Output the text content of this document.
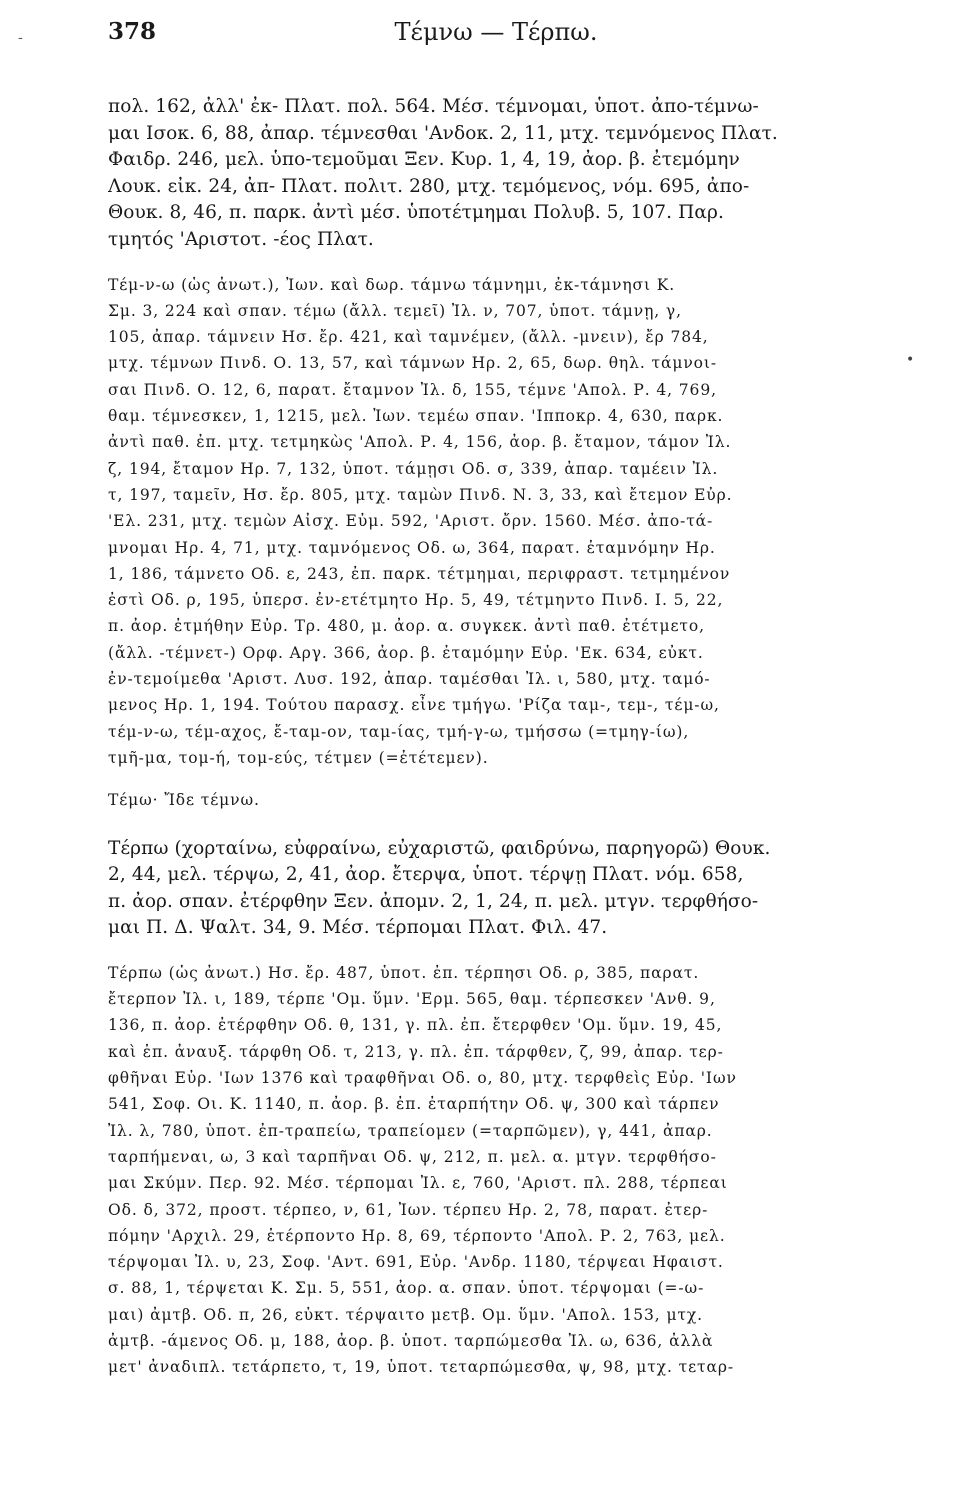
-
•
378	Τέμνω — Τέρπω.
πολ. 162, ἀλλ' ἐκ- Πλατ. πολ. 564. Μέσ. τέμνομαι, ὑποτ. ἀπο-τέμνω-
μαι Ισοκ. 6, 88, ἀπαρ. τέμνεσθαι 'Ανδοκ. 2, 11, μτχ. τεμνόμενος Πλατ.
Φαιδρ. 246, μελ. ὑπο-τεμοῦμαι Ξεν. Κυρ. 1, 4, 19, ἀορ. β. ἐτεμόμην
Λουκ. εἰκ. 24, ἀπ- Πλατ. πολιτ. 280, μτχ. τεμόμενος, νόμ. 695, ἀπο-
Θουκ. 8, 46, π. παρκ. ἀντὶ μέσ. ὑποτέτμημαι Πολυβ. 5, 107. Παρ.
τμητός 'Αριστοτ. -έος Πλατ.
Τέμ-ν-ω (ὡς ἀνωτ.), Ἰων. καὶ δωρ. τάμνω τάμνημι, ἐκ-τάμνησι Κ.
Σμ. 3, 224 καὶ σπαν. τέμω (ἄλλ. τεμεῖ) Ἰλ. ν, 707, ὑποτ. τάμνῃ, γ,
105, ἀπαρ. τάμνειν Ησ. ἔρ. 421, καὶ ταμνέμεν, (ἄλλ. -μνειν), ἔρ 784,
μτχ. τέμνων Πινδ. Ο. 13, 57, καὶ τάμνων Ηρ. 2, 65, δωρ. θηλ. τάμνοι-
σαι Πινδ. Ο. 12, 6, παρατ. ἔταμνον Ἰλ. δ, 155, τέμνε 'Απολ. Ρ. 4, 769,
θαμ. τέμνεσκεν, 1, 1215, μελ. Ἰων. τεμέω σπαν. 'Ιπποκρ. 4, 630, παρκ.
ἀντὶ παθ. ἐπ. μτχ. τετμηκὼς 'Απολ. Ρ. 4, 156, ἀορ. β. ἔταμον, τάμον Ἰλ.
ζ, 194, ἔταμον Ηρ. 7, 132, ὑποτ. τάμῃσι Οδ. σ, 339, ἀπαρ. ταμέειν Ἰλ.
τ, 197, ταμεῖν, Ησ. ἔρ. 805, μτχ. ταμὼν Πινδ. Ν. 3, 33, καὶ ἔτεμον Εὐρ.
'Ελ. 231, μτχ. τεμὼν Αἰσχ. Εὐμ. 592, 'Αριστ. ὄρν. 1560. Μέσ. ἀπο-τά-
μνομαι Ηρ. 4, 71, μτχ. ταμνόμενος Οδ. ω, 364, παρατ. ἐταμνόμην Ηρ.
1, 186, τάμνετο Οδ. ε, 243, ἐπ. παρκ. τέτμημαι, περιφραστ. τετμημένον
ἐστὶ Οδ. ρ, 195, ὑπερσ. ἐν-ετέτμητο Ηρ. 5, 49, τέτμηντο Πινδ. Ι. 5, 22,
π. ἀορ. ἐτμήθην Εὐρ. Τρ. 480, μ. ἀορ. α. συγκεκ. ἀντὶ παθ. ἐτέτμετο,
(ἄλλ. -τέμνετ-) Ορφ. Αργ. 366, ἀορ. β. ἐταμόμην Εὐρ. 'Εκ. 634, εὐκτ.
ἐν-τεμοίμεθα 'Αριστ. Λυσ. 192, ἀπαρ. ταμέσθαι Ἰλ. ι, 580, μτχ. ταμό-
μενος Ηρ. 1, 194. Τούτου παρασχ. εἶνε τμήγω. 'Ρίζα ταμ-, τεμ-, τέμ-ω,
τέμ-ν-ω, τέμ-αχος, ἔ-ταμ-ον, ταμ-ίας, τμή-γ-ω, τμήσσω (=τμηγ-ίω),
τμῆ-μα, τομ-ή, τομ-εύς, τέτμεν (=ἐτέτεμεν).
Τέμω· Ἴδε τέμνω.
Τέρπω (χορταίνω, εὐφραίνω, εὐχαριστῶ, φαιδρύνω, παρηγορῶ) Θουκ.
2, 44, μελ. τέρψω, 2, 41, ἀορ. ἔτερψα, ὑποτ. τέρψῃ Πλατ. νόμ. 658,
π. ἀορ. σπαν. ἐτέρφθην Ξεν. ἀπομν. 2, 1, 24, π. μελ. μτγν. τερφθήσο-
μαι Π. Δ. Ψαλτ. 34, 9. Μέσ. τέρπομαι Πλατ. Φιλ. 47.
Τέρπω (ὡς ἀνωτ.) Ησ. ἔρ. 487, ὑποτ. ἐπ. τέρπησι Οδ. ρ, 385, παρατ.
ἔτερπον Ἰλ. ι, 189, τέρπε 'Ομ. ὕμν. 'Ερμ. 565, θαμ. τέρπεσκεν 'Ανθ. 9,
136, π. ἀορ. ἐτέρφθην Οδ. θ, 131, γ. πλ. ἐπ. ἔτερφθεν 'Ομ. ὕμν. 19, 45,
καὶ ἐπ. ἀναυξ. τάρφθη Οδ. τ, 213, γ. πλ. ἐπ. τάρφθεν, ζ, 99, ἀπαρ. τερ-
φθῆναι Εὐρ. 'Ιων 1376 καὶ τραφθῆναι Οδ. ο, 80, μτχ. τερφθεὶς Εὐρ. 'Ιων
541, Σοφ. Οι. Κ. 1140, π. ἀορ. β. ἐπ. ἐταρπήτην Οδ. ψ, 300 καὶ τάρπεν
Ἰλ. λ, 780, ὑποτ. ἐπ-τραπείω, τραπείομεν (=ταρπῶμεν), γ, 441, ἀπαρ.
ταρπήμεναι, ω, 3 καὶ ταρπῆναι Οδ. ψ, 212, π. μελ. α. μτγν. τερφθήσο-
μαι Σκύμν. Περ. 92. Μέσ. τέρπομαι Ἰλ. ε, 760, 'Αριστ. πλ. 288, τέρπεαι
Οδ. δ, 372, προστ. τέρπεο, ν, 61, Ἰων. τέρπευ Ηρ. 2, 78, παρατ. ἐτερ-
πόμην 'Αρχιλ. 29, ἐτέρποντο Ηρ. 8, 69, τέρποντο 'Απολ. Ρ. 2, 763, μελ.
τέρψομαι Ἰλ. υ, 23, Σοφ. 'Αντ. 691, Εὐρ. 'Ανδρ. 1180, τέρψεαι Ηφαιστ.
σ. 88, 1, τέρψεται Κ. Σμ. 5, 551, ἀορ. α. σπαν. ὑποτ. τέρψομαι (=-ω-
μαι) ἀμτβ. Οδ. π, 26, εὐκτ. τέρψαιτο μετβ. Ομ. ὕμν. 'Απολ. 153, μτχ.
ἀμτβ. -άμενος Οδ. μ, 188, ἀορ. β. ὑποτ. ταρπώμεσθα Ἰλ. ω, 636, ἀλλὰ
μετ' ἀναδιπλ. τετάρπετο, τ, 19, ὑποτ. τεταρπώμεσθα, ψ, 98, μτχ. τεταρ-
